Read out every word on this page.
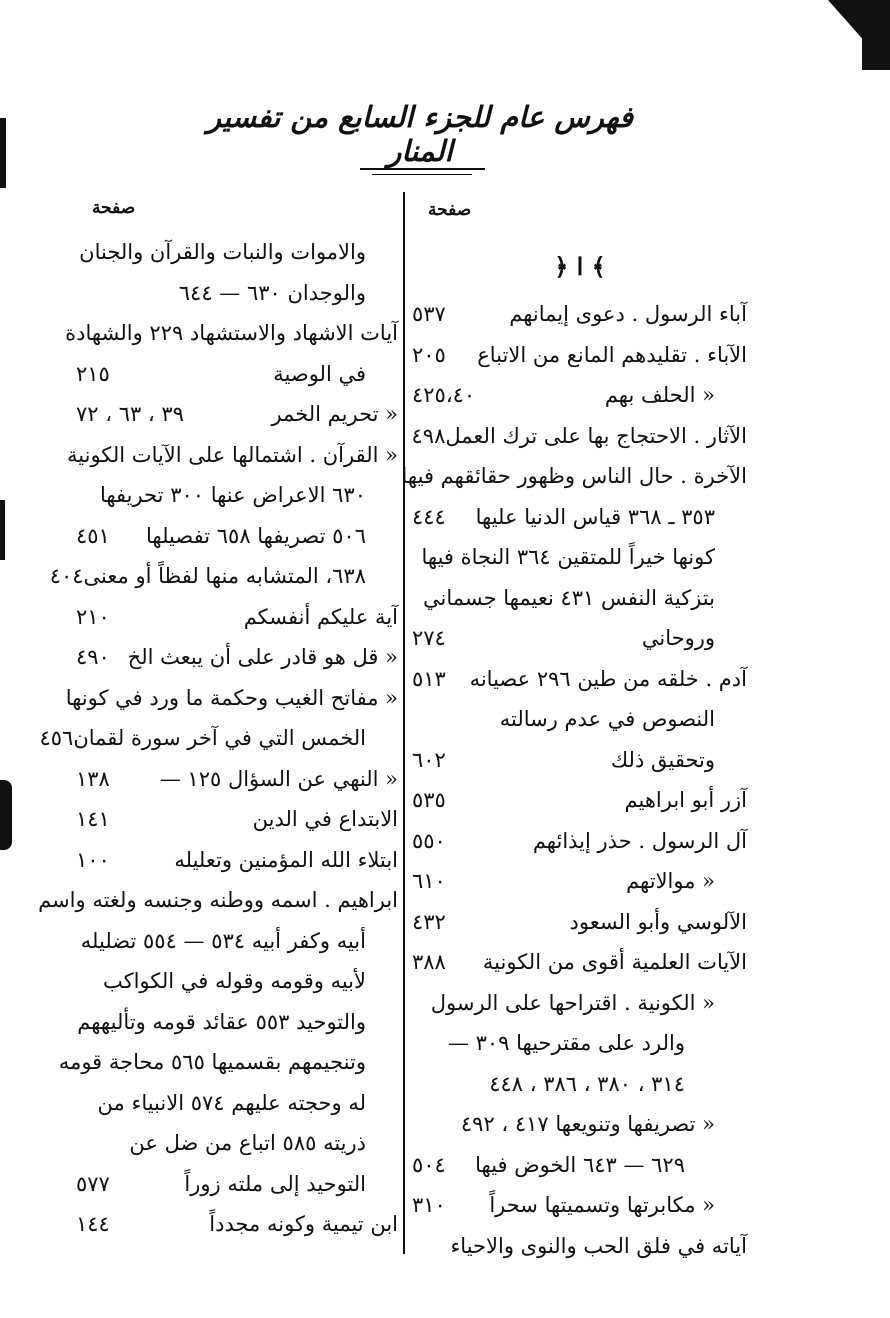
فهرس عام للجزء السابع من تفسير المنار
صفحة	صفحة
﴿ ا ﴾
آباء الرسول . دعوى إيمانهم
٥٣٧
الآباء . تقليدهم المانع من الاتباع
٢٠٥
« الحلف بهم
٤٢٥،٤٠
الآثار . الاحتجاج بها على ترك العمل
٤٩٨
الآخرة . حال الناس وظهور حقائقهم فيها
٣٥٣ ـ ٣٦٨ قياس الدنيا عليها
٤٤٤
كونها خيراً للمتقين ٣٦٤ النجاة فيها
بتزكية النفس ٤٣١ نعيمها جسماني
وروحاني
٢٧٤
آدم . خلقه من طين ٢٩٦ عصيانه
٥١٣
النصوص في عدم رسالته
وتحقيق ذلك
٦٠٢
آزر أبو ابراهيم
٥٣٥
آل الرسول . حذر إيذائهم
٥٥٠
« موالاتهم
٦١٠
الآلوسي وأبو السعود
٤٣٢
الآيات العلمية أقوى من الكونية
٣٨٨
« الكونية . اقتراحها على الرسول
والرد على مقترحيها ٣٠٩ —
٣١٤ ، ٣٨٠ ، ٣٨٦ ، ٤٤٨
« تصريفها وتنويعها ٤١٧ ، ٤٩٢
٦٢٩ — ٦٤٣ الخوض فيها
٥٠٤
« مكابرتها وتسميتها سحراً
٣١٠
آياته في فلق الحب والنوى والاحياء
والاموات والنبات والقرآن والجنان
والوجدان ٦٣٠ — ٦٤٤
آيات الاشهاد والاستشهاد ٢٢٩ والشهادة
في الوصية
٢١٥
« تحريم الخمر
٣٩ ، ٦٣ ، ٧٢
« القرآن . اشتمالها على الآيات الكونية
٦٣٠ الاعراض عنها ٣٠٠ تحريفها
٥٠٦ تصريفها ٦٥٨ تفصيلها
٤٥١
٦٣٨، المتشابه منها لفظاً أو معنى
٤٠٤
آية عليكم أنفسكم
٢١٠
« قل هو قادر على أن يبعث الخ
٤٩٠
« مفاتح الغيب وحكمة ما ورد في كونها
الخمس التي في آخر سورة لقمان
٤٥٦
« النهي عن السؤال ١٢٥ —
١٣٨
الابتداع في الدين
١٤١
ابتلاء الله المؤمنين وتعليله
١٠٠
ابراهيم . اسمه ووطنه وجنسه ولغته واسم
أبيه وكفر أبيه ٥٣٤ — ٥٥٤ تضليله
لأبيه وقومه وقوله في الكواكب
والتوحيد ٥٥٣ عقائد قومه وتأليههم
وتنجيمهم بقسميها ٥٦٥ محاجة قومه
له وحجته عليهم ٥٧٤ الانبياء من
ذريته ٥٨٥ اتباع من ضل عن
التوحيد إلى ملته زوراً
٥٧٧
ابن تيمية وكونه مجدداً
١٤٤
